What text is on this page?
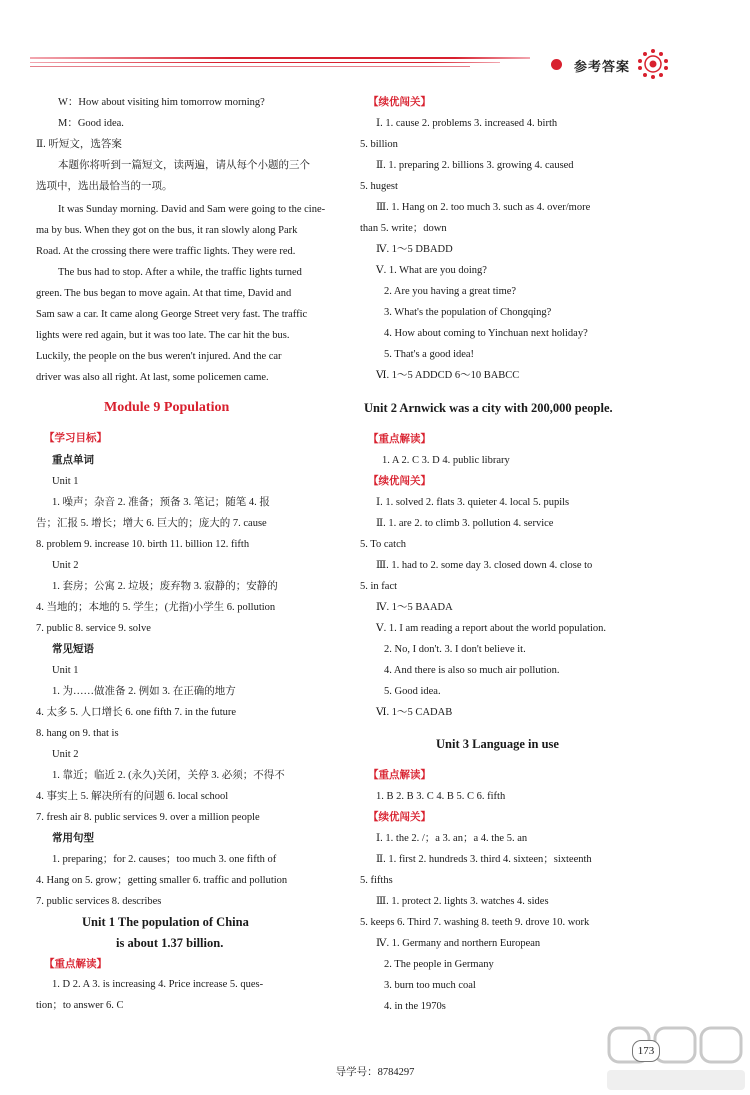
参考答案
W：How about visiting him tomorrow morning?
M：Good idea.
Ⅱ. 听短文，选答案
本题你将听到一篇短文，读两遍，请从每个小题的三个
选项中，选出最恰当的一项。
It was Sunday morning. David and Sam were going to the cine-
ma by bus. When they got on the bus, it ran slowly along Park
Road. At the crossing there were traffic lights. They were red.
The bus had to stop. After a while, the traffic lights turned
green. The bus began to move again. At that time, David and
Sam saw a car. It came along George Street very fast. The traffic
lights were red again, but it was too late. The car hit the bus.
Luckily, the people on the bus weren't injured. And the car
driver was also all right. At last, some policemen came.
Module 9 Population
【学习目标】
重点单词
Unit 1
1. 噪声；杂音 2. 准备；预备 3. 笔记；随笔 4. 报
告；汇报 5. 增长；增大 6. 巨大的；庞大的 7. cause
8. problem 9. increase 10. birth 11. billion 12. fifth
Unit 2
1. 套房；公寓 2. 垃圾；废弃物 3. 寂静的；安静的
4. 当地的；本地的 5. 学生；(尤指)小学生 6. pollution
7. public 8. service 9. solve
常见短语
Unit 1
1. 为……做准备 2. 例如 3. 在正确的地方
4. 太多 5. 人口增长 6. one fifth 7. in the future
8. hang on 9. that is
Unit 2
1. 靠近；临近 2. (永久)关闭，关停 3. 必须；不得不
4. 事实上 5. 解决所有的问题 6. local school
7. fresh air 8. public services 9. over a million people
常用句型
1. preparing；for 2. causes；too much 3. one fifth of
4. Hang on 5. grow；getting smaller 6. traffic and pollution
7. public services 8. describes
Unit 1 The population of China
is about 1.37 billion.
【重点解读】
1. D 2. A 3. is increasing 4. Price increase 5. ques-
tion；to answer 6. C
【续优闯关】
Ⅰ. 1. cause 2. problems 3. increased 4. birth
5. billion
Ⅱ. 1. preparing 2. billions 3. growing 4. caused
5. hugest
Ⅲ. 1. Hang on 2. too much 3. such as 4. over/more
than 5. write；down
Ⅳ. 1～5 DBADD
Ⅴ. 1. What are you doing?
2. Are you having a great time?
3. What's the population of Chongqing?
4. How about coming to Yinchuan next holiday?
5. That's a good idea!
Ⅵ. 1～5 ADDCD 6～10 BABCC
Unit 2 Arnwick was a city with 200,000 people.
【重点解读】
1. A 2. C 3. D 4. public library
【续优闯关】
Ⅰ. 1. solved 2. flats 3. quieter 4. local 5. pupils
Ⅱ. 1. are 2. to climb 3. pollution 4. service
5. To catch
Ⅲ. 1. had to 2. some day 3. closed down 4. close to
5. in fact
Ⅳ. 1～5 BAADA
Ⅴ. 1. I am reading a report about the world population.
2. No, I don't. 3. I don't believe it.
4. And there is also so much air pollution.
5. Good idea.
Ⅵ. 1～5 CADAB
Unit 3 Language in use
【重点解读】
1. B 2. B 3. C 4. B 5. C 6. fifth
【续优闯关】
Ⅰ. 1. the 2. /；a 3. an；a 4. the 5. an
Ⅱ. 1. first 2. hundreds 3. third 4. sixteen；sixteenth
5. fifths
Ⅲ. 1. protect 2. lights 3. watches 4. sides
5. keeps 6. Third 7. washing 8. teeth 9. drove 10. work
Ⅳ. 1. Germany and northern European
2. The people in Germany
3. burn too much coal
4. in the 1970s
导学号：8784297
173
